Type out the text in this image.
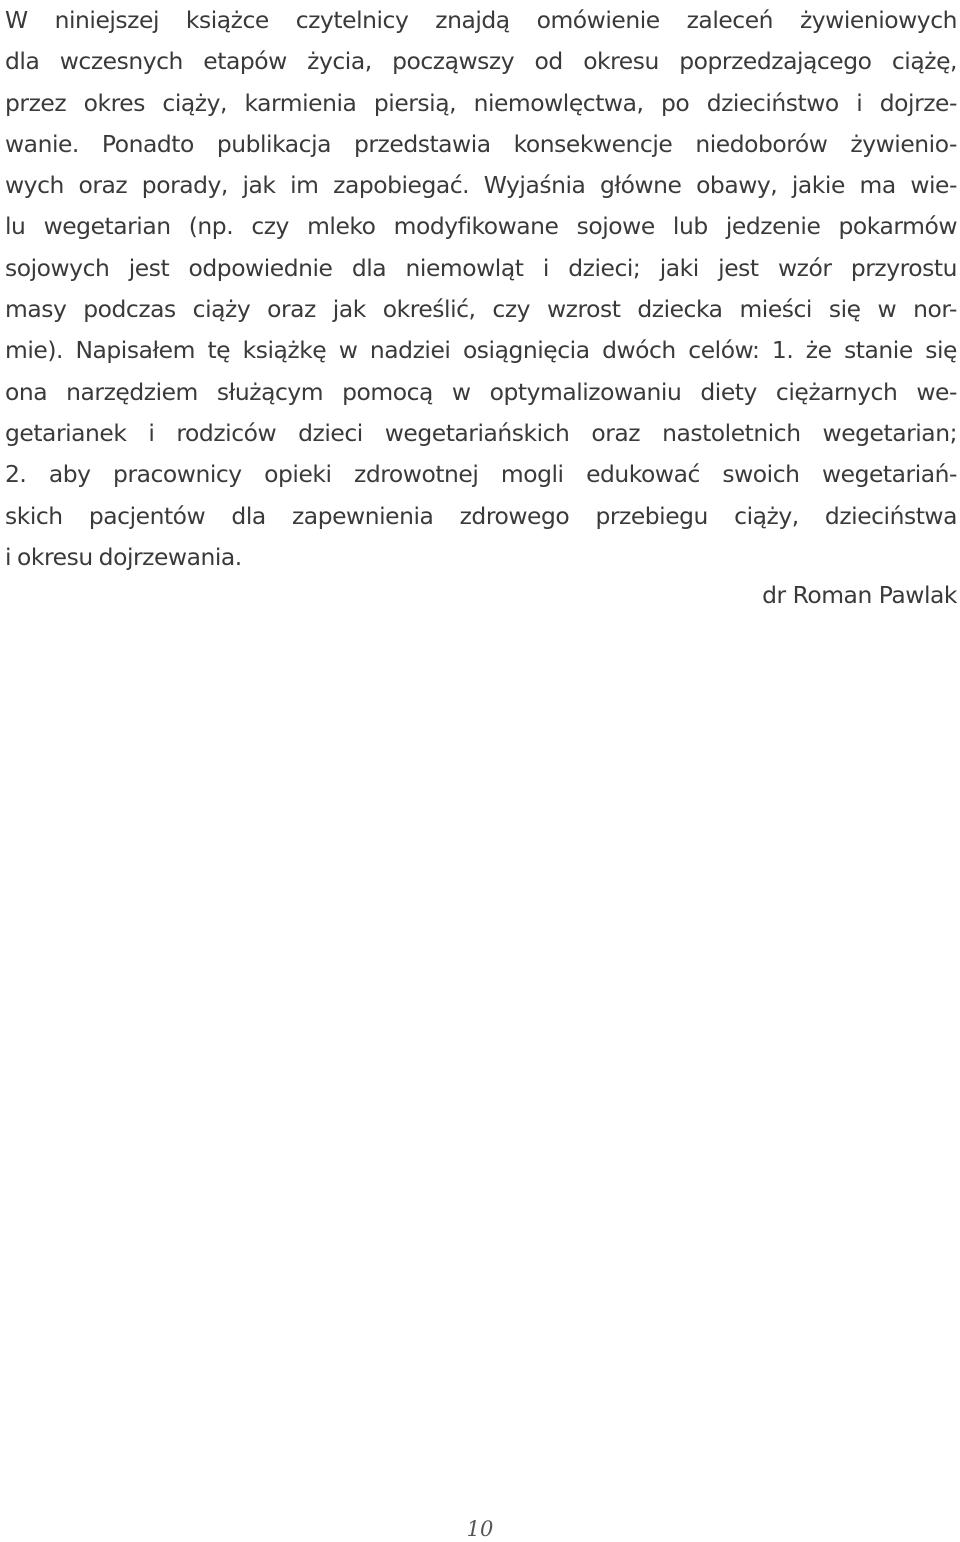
W niniejszej książce czytelnicy znajdą omówienie zaleceń żywieniowych
dla wczesnych etapów życia, począwszy od okresu poprzedzającego ciążę,
przez okres ciąży, karmienia piersią, niemowlęctwa, po dzieciństwo i dojrze-
wanie. Ponadto publikacja przedstawia konsekwencje niedoborów żywienio-
wych oraz porady, jak im zapobiegać. Wyjaśnia główne obawy, jakie ma wie-
lu wegetarian (np. czy mleko modyfikowane sojowe lub jedzenie pokarmów
sojowych jest odpowiednie dla niemowląt i dzieci; jaki jest wzór przyrostu
masy podczas ciąży oraz jak określić, czy wzrost dziecka mieści się w nor-
mie). Napisałem tę książkę w nadziei osiągnięcia dwóch celów: 1. że stanie się
ona narzędziem służącym pomocą w optymalizowaniu diety ciężarnych we-
getarianek i rodziców dzieci wegetariańskich oraz nastoletnich wegetarian;
2. aby pracownicy opieki zdrowotnej mogli edukować swoich wegetariań-
skich pacjentów dla zapewnienia zdrowego przebiegu ciąży, dzieciństwa
i okresu dojrzewania.

dr Roman Pawlak

10
